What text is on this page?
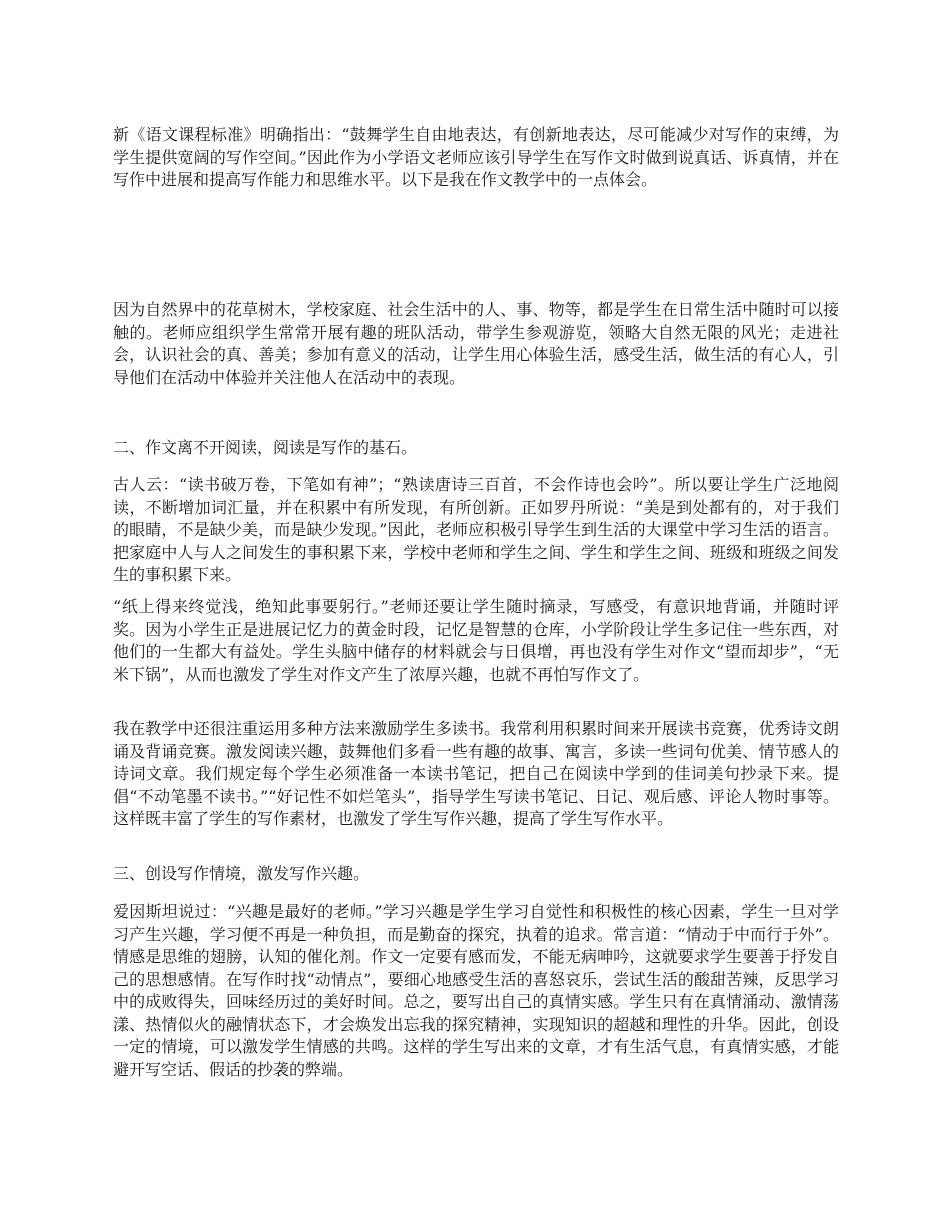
新《语文课程标准》明确指出：“鼓舞学生自由地表达，有创新地表达，尽可能减少对写作的束缚，为学生提供宽阔的写作空间。”因此作为小学语文老师应该引导学生在写作文时做到说真话、诉真情，并在写作中进展和提高写作能力和思维水平。以下是我在作文教学中的一点体会。

因为自然界中的花草树木，学校家庭、社会生活中的人、事、物等，都是学生在日常生活中随时可以接触的。老师应组织学生常常开展有趣的班队活动，带学生参观游览，领略大自然无限的风光；走进社会，认识社会的真、善美；参加有意义的活动，让学生用心体验生活，感受生活，做生活的有心人，引导他们在活动中体验并关注他人在活动中的表现。

二、作文离不开阅读，阅读是写作的基石。

古人云：“读书破万卷，下笔如有神”；“熟读唐诗三百首，不会作诗也会吟”。所以要让学生广泛地阅读，不断增加词汇量，并在积累中有所发现，有所创新。正如罗丹所说：“美是到处都有的，对于我们的眼睛，不是缺少美，而是缺少发现。”因此，老师应积极引导学生到生活的大课堂中学习生活的语言。把家庭中人与人之间发生的事积累下来，学校中老师和学生之间、学生和学生之间、班级和班级之间发生的事积累下来。

“纸上得来终觉浅，绝知此事要躬行。”老师还要让学生随时摘录，写感受，有意识地背诵，并随时评奖。因为小学生正是进展记忆力的黄金时段，记忆是智慧的仓库，小学阶段让学生多记住一些东西，对他们的一生都大有益处。学生头脑中储存的材料就会与日俱增，再也没有学生对作文“望而却步”，“无米下锅”，从而也激发了学生对作文产生了浓厚兴趣，也就不再怕写作文了。

我在教学中还很注重运用多种方法来激励学生多读书。我常利用积累时间来开展读书竞赛，优秀诗文朗诵及背诵竞赛。激发阅读兴趣，鼓舞他们多看一些有趣的故事、寓言，多读一些词句优美、情节感人的诗词文章。我们规定每个学生必须准备一本读书笔记，把自己在阅读中学到的佳词美句抄录下来。提倡“不动笔墨不读书。”“好记性不如烂笔头”，指导学生写读书笔记、日记、观后感、评论人物时事等。这样既丰富了学生的写作素材，也激发了学生写作兴趣，提高了学生写作水平。

三、创设写作情境，激发写作兴趣。

爱因斯坦说过：“兴趣是最好的老师。”学习兴趣是学生学习自觉性和积极性的核心因素，学生一旦对学习产生兴趣，学习便不再是一种负担，而是勤奋的探究，执着的追求。常言道：“情动于中而行于外”。情感是思维的翅膀，认知的催化剂。作文一定要有感而发，不能无病呻吟，这就要求学生要善于抒发自己的思想感情。在写作时找“动情点”，要细心地感受生活的喜怒哀乐，尝试生活的酸甜苦辣，反思学习中的成败得失，回味经历过的美好时间。总之，要写出自己的真情实感。学生只有在真情涌动、激情荡漾、热情似火的融情状态下，才会焕发出忘我的探究精神，实现知识的超越和理性的升华。因此，创设一定的情境，可以激发学生情感的共鸣。这样的学生写出来的文章，才有生活气息，有真情实感，才能避开写空话、假话的抄袭的弊端。
